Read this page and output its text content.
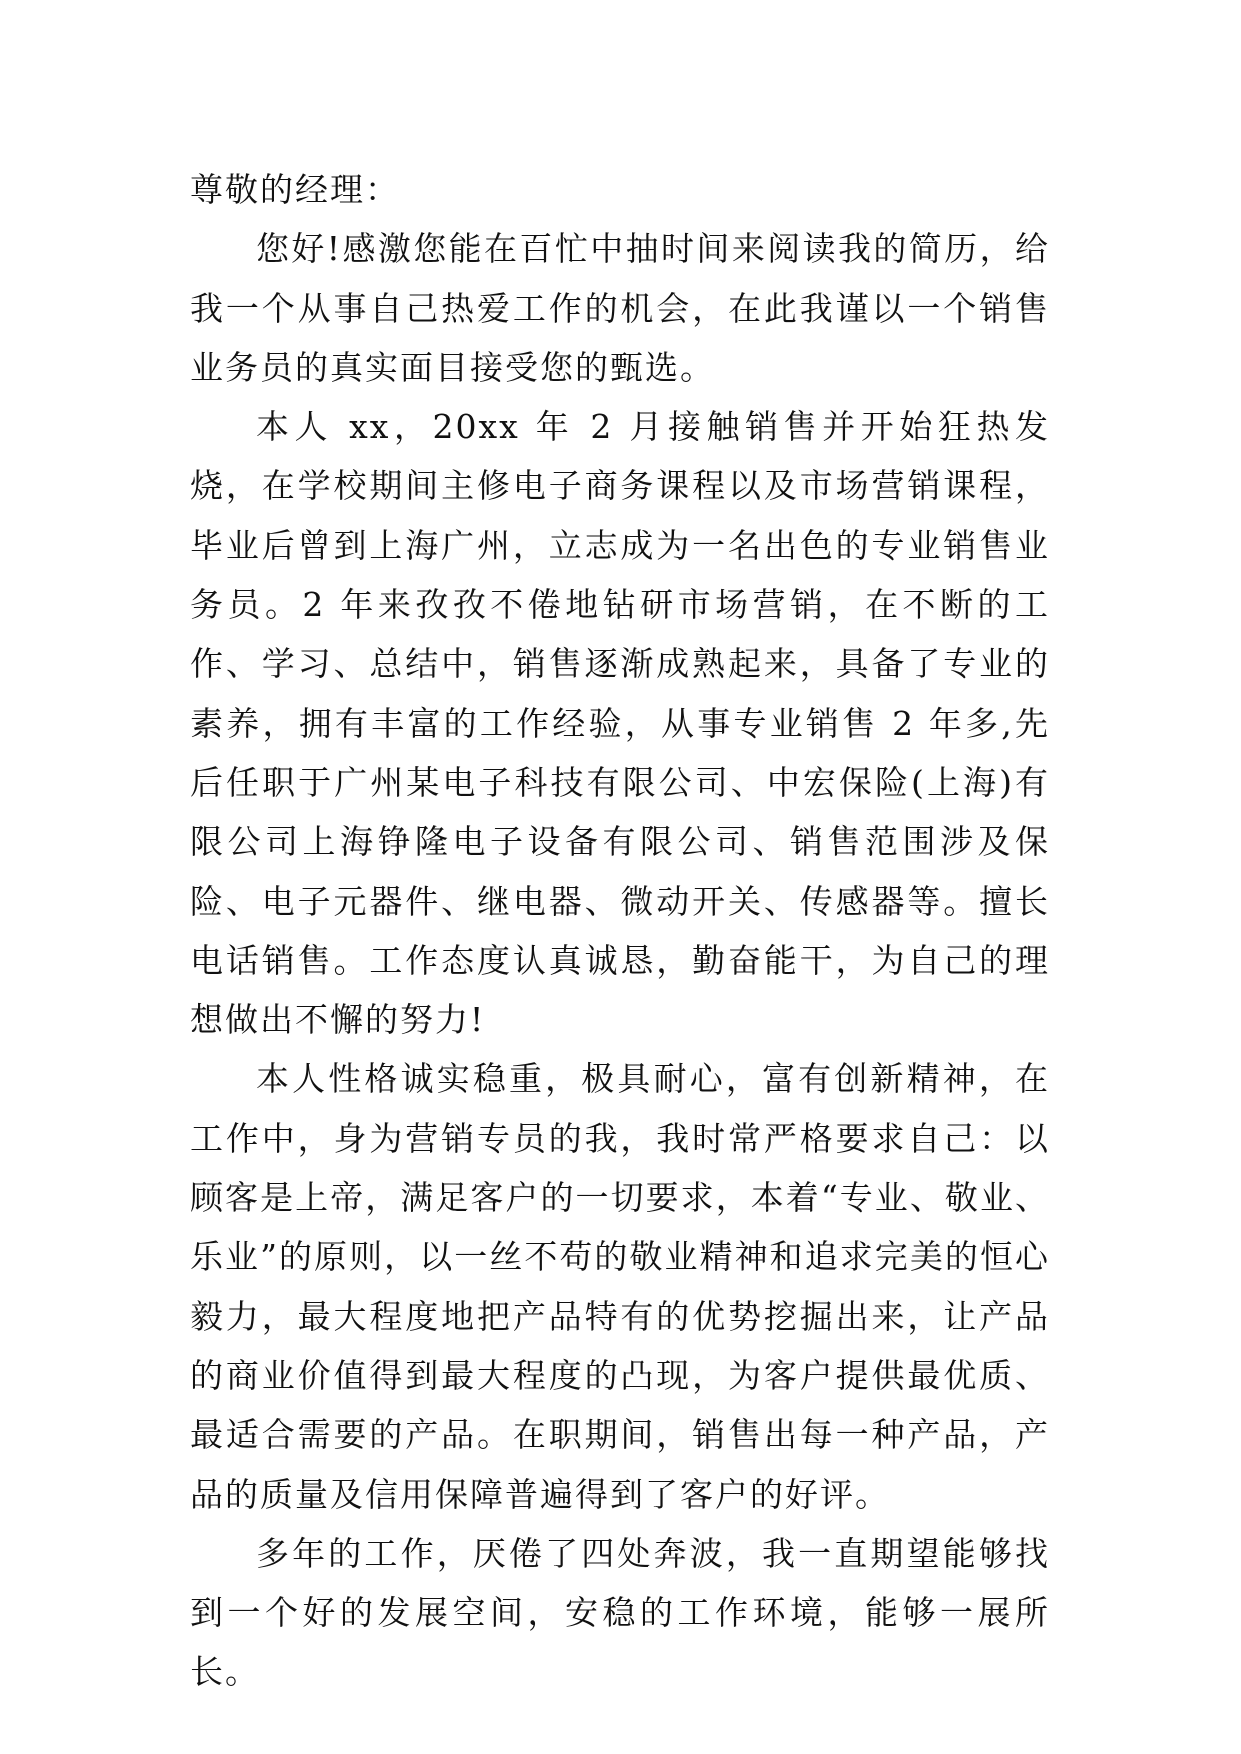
尊敬的经理：

您好!感激您能在百忙中抽时间来阅读我的简历，给我一个从事自己热爱工作的机会，在此我谨以一个销售业务员的真实面目接受您的甄选。

本人 xx，20xx 年 2 月接触销售并开始狂热发烧，在学校期间主修电子商务课程以及市场营销课程，毕业后曾到上海广州，立志成为一名出色的专业销售业务员。2 年来孜孜不倦地钻研市场营销，在不断的工作、学习、总结中，销售逐渐成熟起来，具备了专业的素养，拥有丰富的工作经验，从事专业销售 2 年多,先后任职于广州某电子科技有限公司、中宏保险(上海)有限公司上海铮隆电子设备有限公司、销售范围涉及保险、电子元器件、继电器、微动开关、传感器等。擅长电话销售。工作态度认真诚恳，勤奋能干，为自己的理想做出不懈的努力!

本人性格诚实稳重，极具耐心，富有创新精神，在工作中，身为营销专员的我，我时常严格要求自己：以顾客是上帝，满足客户的一切要求，本着“专业、敬业、乐业”的原则，以一丝不苟的敬业精神和追求完美的恒心毅力，最大程度地把产品特有的优势挖掘出来，让产品的商业价值得到最大程度的凸现，为客户提供最优质、最适合需要的产品。在职期间，销售出每一种产品，产品的质量及信用保障普遍得到了客户的好评。

多年的工作，厌倦了四处奔波，我一直期望能够找到一个好的发展空间，安稳的工作环境，能够一展所长。
